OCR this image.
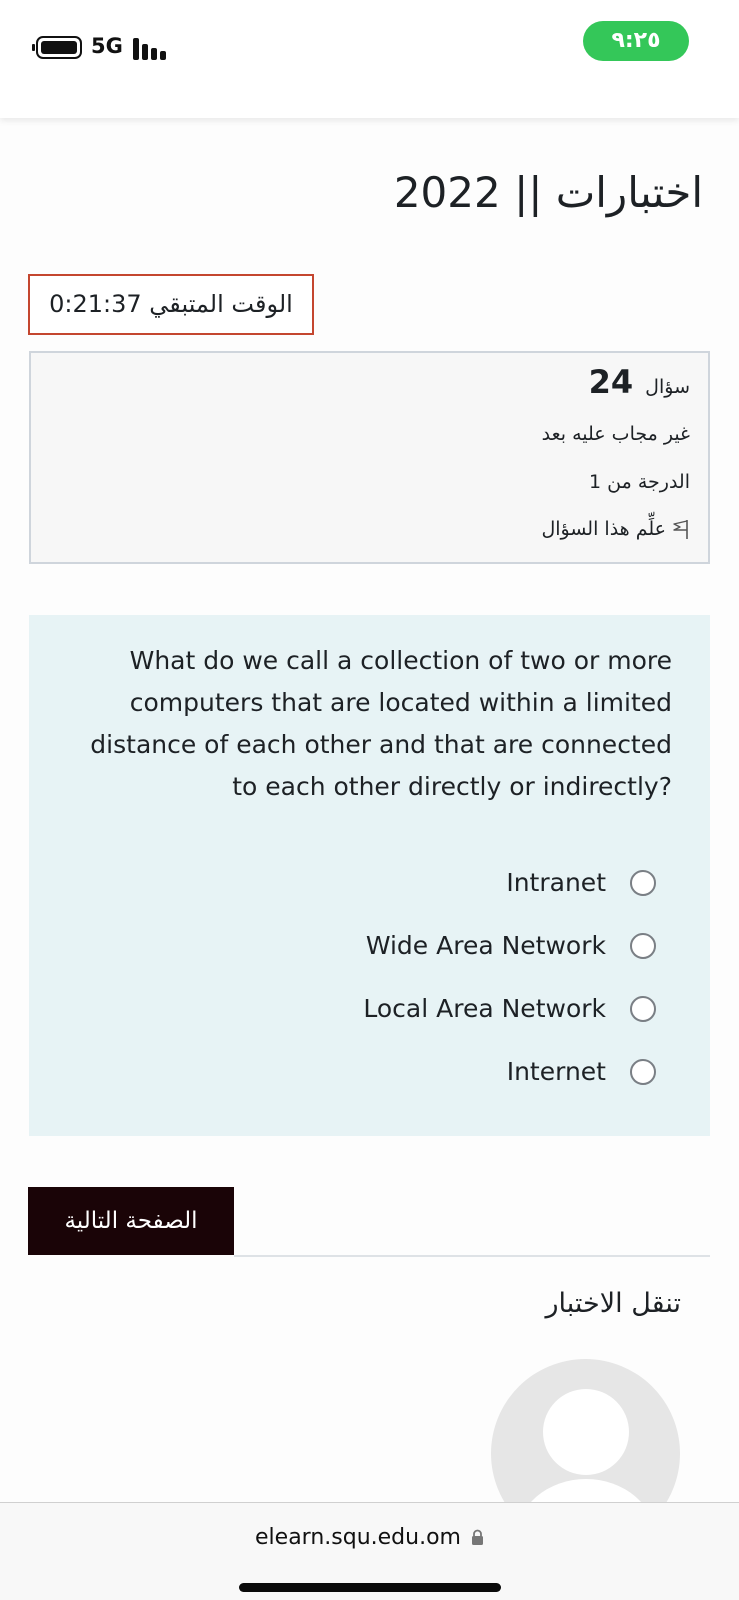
5G	٩:٢٥
اختبارات || 2022
الوقت المتبقي 0:21:37
سؤال 24
غير مجاب عليه بعد
الدرجة من 1
علِّم هذا السؤال
What do we call a collection of two or more computers that are located within a limited distance of each other and that are connected to each other directly or indirectly?
Intranet
Wide Area Network
Local Area Network
Internet
الصفحة التالية
تنقل الاختبار
elearn.squ.edu.om
